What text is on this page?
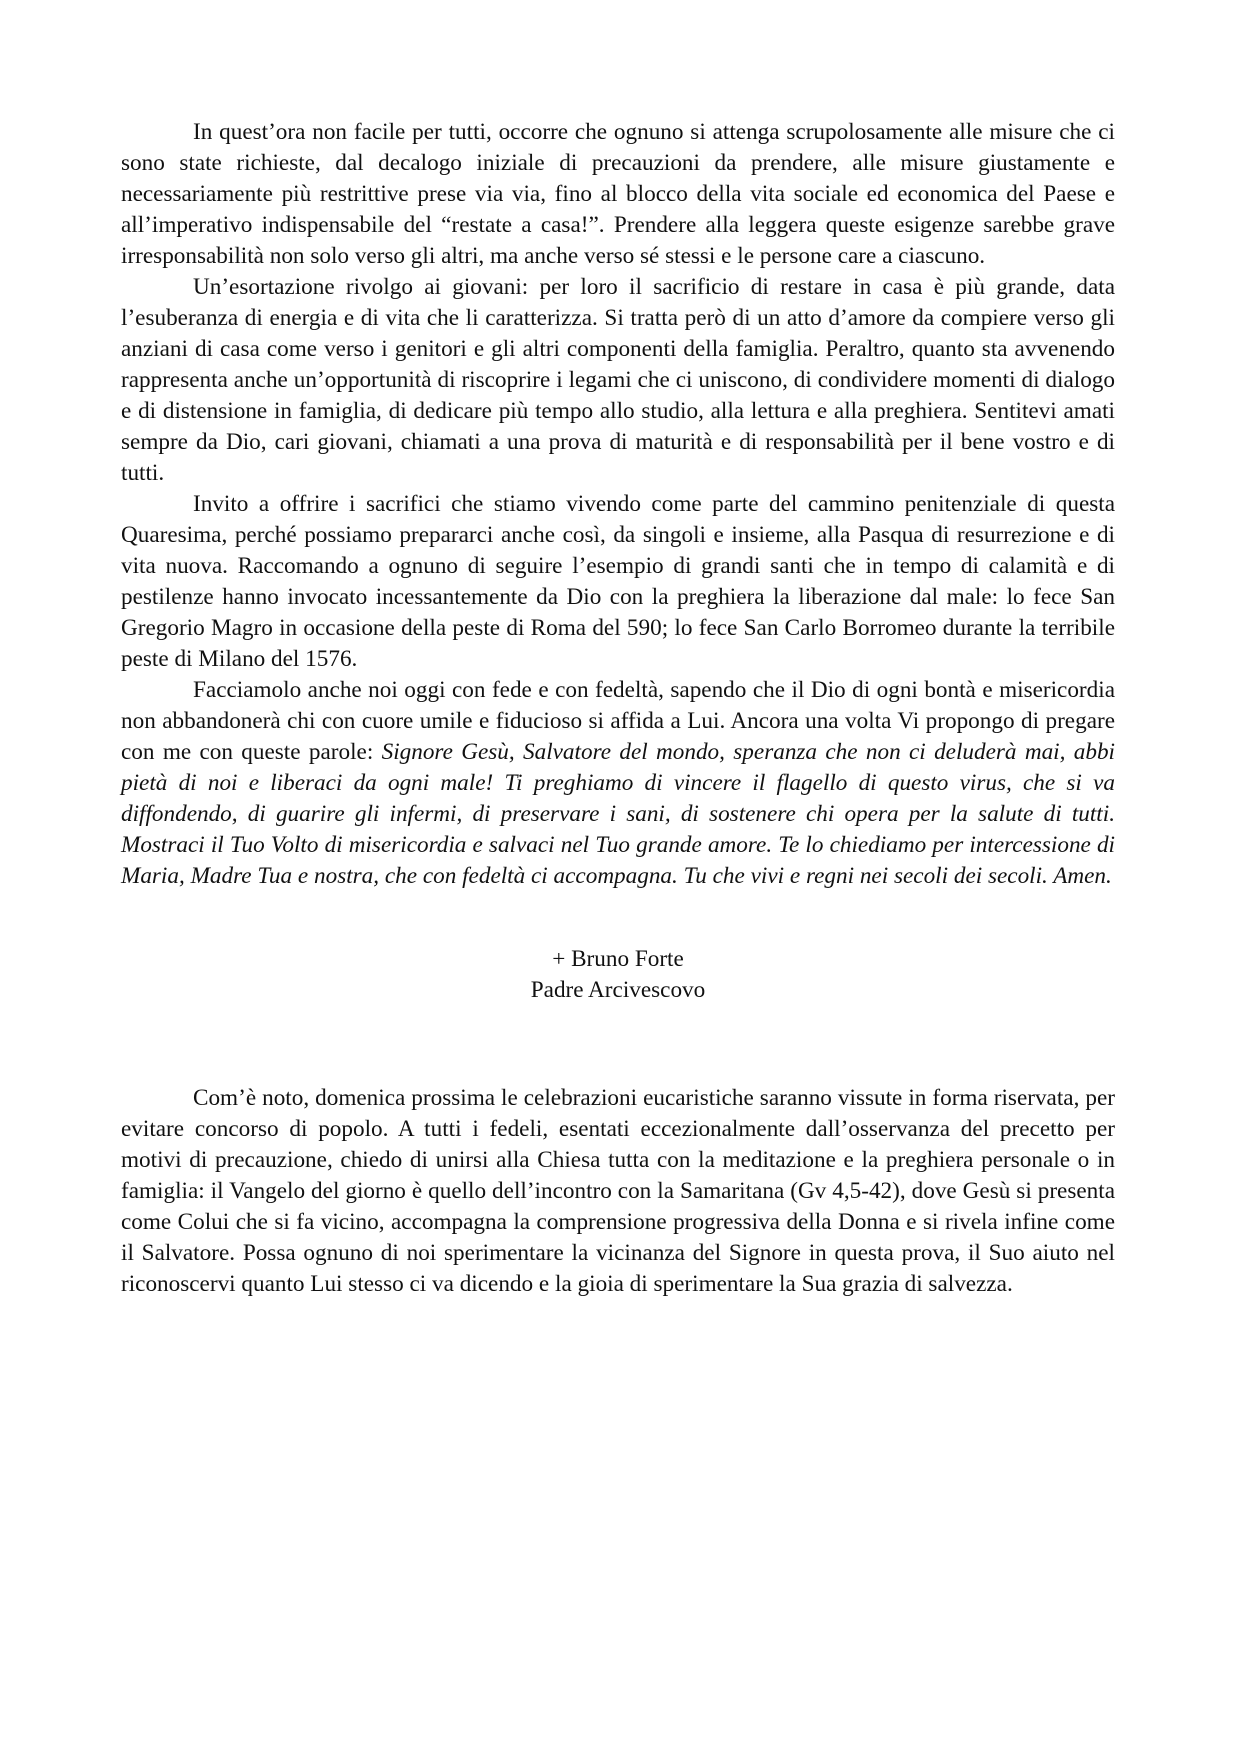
In quest’ora non facile per tutti, occorre che ognuno si attenga scrupolosamente alle misure che ci sono state richieste, dal decalogo iniziale di precauzioni da prendere, alle misure giustamente e necessariamente più restrittive prese via via, fino al blocco della vita sociale ed economica del Paese e all’imperativo indispensabile del “restate a casa!”. Prendere alla leggera queste esigenze sarebbe grave irresponsabilità non solo verso gli altri, ma anche verso sé stessi e le persone care a ciascuno.

Un’esortazione rivolgo ai giovani: per loro il sacrificio di restare in casa è più grande, data l’esuberanza di energia e di vita che li caratterizza. Si tratta però di un atto d’amore da compiere verso gli anziani di casa come verso i genitori e gli altri componenti della famiglia. Peraltro, quanto sta avvenendo rappresenta anche un’opportunità di riscoprire i legami che ci uniscono, di condividere momenti di dialogo e di distensione in famiglia, di dedicare più tempo allo studio, alla lettura e alla preghiera. Sentitevi amati sempre da Dio, cari giovani, chiamati a una prova di maturità e di responsabilità per il bene vostro e di tutti.

Invito a offrire i sacrifici che stiamo vivendo come parte del cammino penitenziale di questa Quaresima, perché possiamo prepararci anche così, da singoli e insieme, alla Pasqua di resurrezione e di vita nuova. Raccomando a ognuno di seguire l’esempio di grandi santi che in tempo di calamità e di pestilenze hanno invocato incessantemente da Dio con la preghiera la liberazione dal male: lo fece San Gregorio Magro in occasione della peste di Roma del 590; lo fece San Carlo Borromeo durante la terribile peste di Milano del 1576.

Facciamolo anche noi oggi con fede e con fedeltà, sapendo che il Dio di ogni bontà e misericordia non abbandonerà chi con cuore umile e fiducioso si affida a Lui. Ancora una volta Vi propongo di pregare con me con queste parole: Signore Gesù, Salvatore del mondo, speranza che non ci deluderà mai, abbi pietà di noi e liberaci da ogni male! Ti preghiamo di vincere il flagello di questo virus, che si va diffondendo, di guarire gli infermi, di preservare i sani, di sostenere chi opera per la salute di tutti. Mostraci il Tuo Volto di misericordia e salvaci nel Tuo grande amore. Te lo chiediamo per intercessione di Maria, Madre Tua e nostra, che con fedeltà ci accompagna. Tu che vivi e regni nei secoli dei secoli. Amen.

+ Bruno Forte
Padre Arcivescovo

Com’è noto, domenica prossima le celebrazioni eucaristiche saranno vissute in forma riservata, per evitare concorso di popolo. A tutti i fedeli, esentati eccezionalmente dall’osservanza del precetto per motivi di precauzione, chiedo di unirsi alla Chiesa tutta con la meditazione e la preghiera personale o in famiglia: il Vangelo del giorno è quello dell’incontro con la Samaritana (Gv 4,5-42), dove Gesù si presenta come Colui che si fa vicino, accompagna la comprensione progressiva della Donna e si rivela infine come il Salvatore. Possa ognuno di noi sperimentare la vicinanza del Signore in questa prova, il Suo aiuto nel riconoscervi quanto Lui stesso ci va dicendo e la gioia di sperimentare la Sua grazia di salvezza.
